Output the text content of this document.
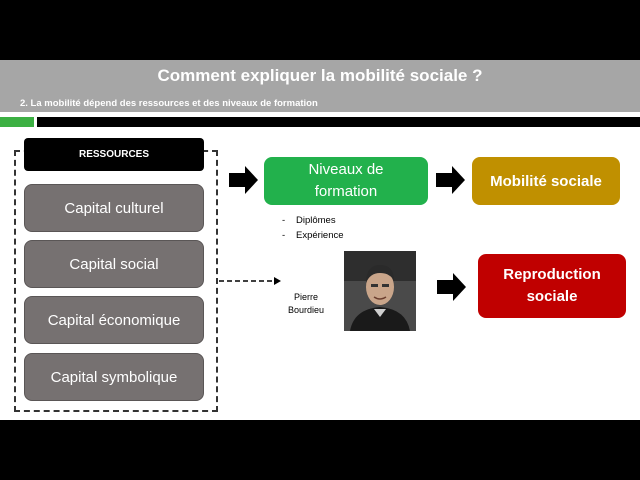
Comment expliquer la mobilité sociale ?
2. La mobilité dépend des ressources et des niveaux de formation
RESSOURCES
Capital culturel
Capital social
Capital économique
Capital symbolique
Niveaux de
formation
- Diplômes
- Expérience
Mobilité sociale
Reproduction
sociale
Pierre
Bourdieu
